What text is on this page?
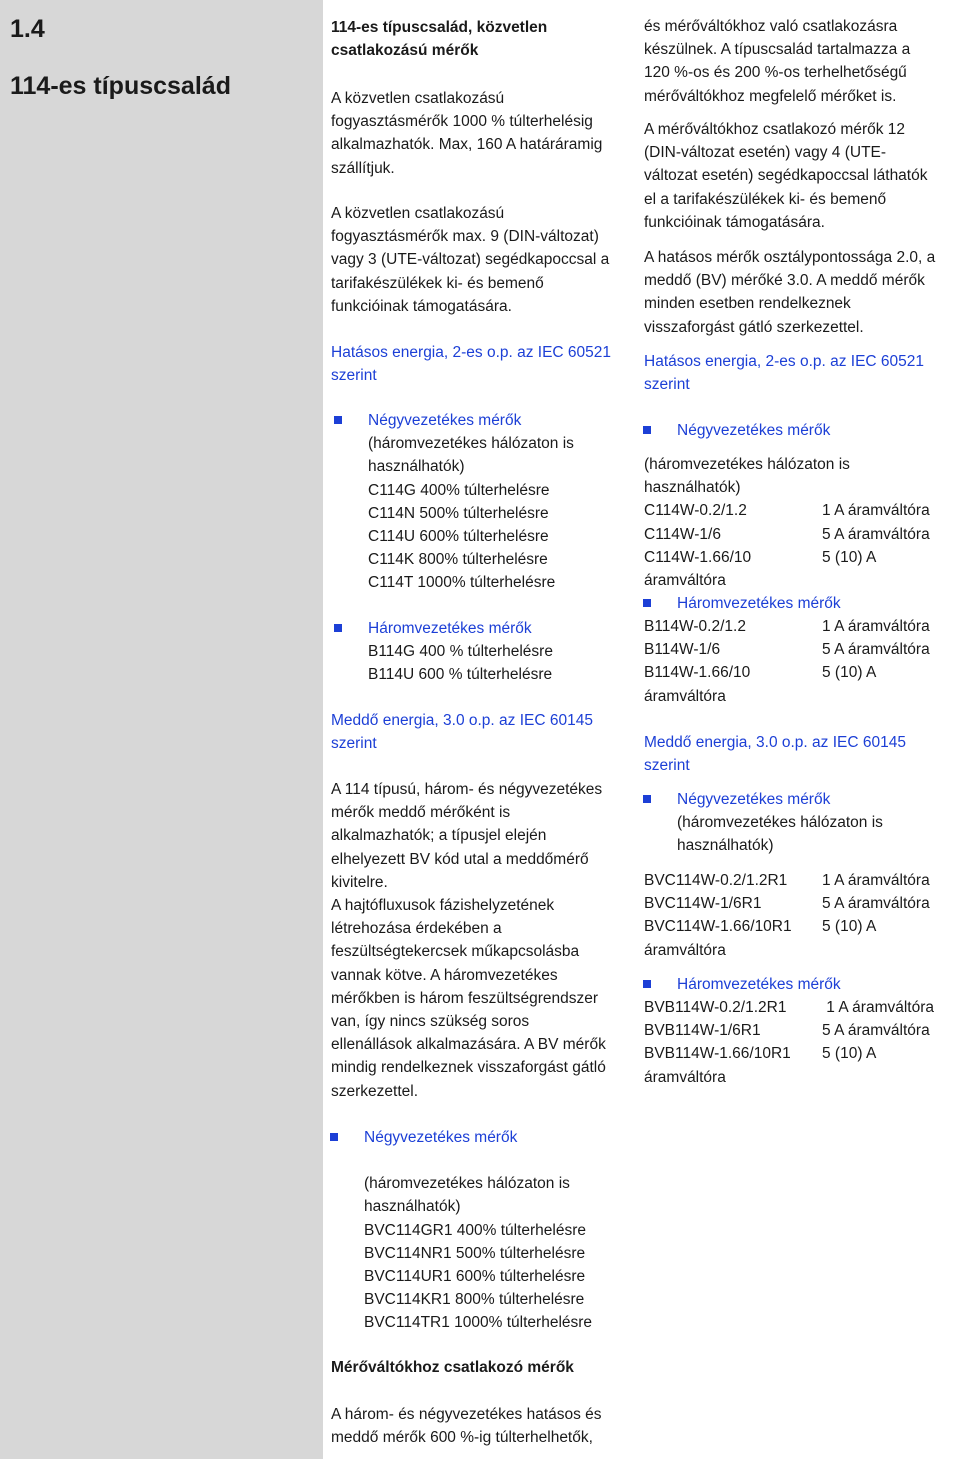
1.4
114-es típuscsalád
114-es típuscsalád, közvetlen
csatlakozású mérők
A közvetlen csatlakozású
fogyasztásmérők 1000 % túlterhelésig
alkalmazhatók. Max, 160 A határáramig
szállítjuk.
A közvetlen csatlakozású
fogyasztásmérők max. 9 (DIN-változat)
vagy 3 (UTE-változat) segédkapoccsal a
tarifakészülékek ki- és bemenő
funkcióinak támogatására.
Hatásos energia, 2-es o.p. az IEC 60521
szerint
Négyvezetékes mérők
(háromvezetékes hálózaton is
használhatók)
C114G 400% túlterhelésre
C114N 500% túlterhelésre
C114U 600% túlterhelésre
C114K 800% túlterhelésre
C114T 1000% túlterhelésre
Háromvezetékes mérők
B114G 400 % túlterhelésre
B114U 600 % túlterhelésre
Meddő energia, 3.0 o.p. az IEC 60145
szerint
A 114 típusú, három- és négyvezetékes
mérők meddő mérőként is
alkalmazhatók; a típusjel elején
elhelyezett BV kód utal a meddőmérő
kivitelre.
A hajtófluxusok fázishelyzetének
létrehozása érdekében a
feszültségtekercsek műkapcsolásba
vannak kötve. A háromvezetékes
mérőkben is három feszültségrendszer
van, így nincs szükség soros
ellenállások alkalmazására. A BV mérők
mindig rendelkeznek visszaforgást gátló
szerkezettel.
Négyvezetékes mérők
(háromvezetékes hálózaton is
használhatók)
BVC114GR1 400% túlterhelésre
BVC114NR1 500% túlterhelésre
BVC114UR1 600% túlterhelésre
BVC114KR1 800% túlterhelésre
BVC114TR1 1000% túlterhelésre
Mérőváltókhoz csatlakozó mérők
A három- és négyvezetékes hatásos és
meddő mérők 600 %-ig túlterhelhetők,
és mérőváltókhoz való csatlakozásra
készülnek. A típuscsalád tartalmazza a
120 %-os és 200 %-os terhelhetőségű
mérőváltókhoz megfelelő mérőket is.
A mérőváltókhoz csatlakozó mérők 12
(DIN-változat esetén) vagy 4 (UTE-
változat esetén) segédkapoccsal láthatók
el a tarifakészülékek ki- és bemenő
funkcióinak támogatására.
A hatásos mérők osztálypontossága 2.0, a
meddő (BV) mérőké 3.0. A meddő mérők
minden esetben rendelkeznek
visszaforgást gátló szerkezettel.
Hatásos energia, 2-es o.p. az IEC 60521
szerint
Négyvezetékes mérők
(háromvezetékes hálózaton is
használhatók)
C114W-0.2/1.2	1 A áramváltóra
C114W-1/6	5 A áramváltóra
C114W-1.66/10	5 (10) A
áramváltóra
Háromvezetékes mérők
B114W-0.2/1.2	1 A áramváltóra
B114W-1/6	5 A áramváltóra
B114W-1.66/10	5 (10) A
áramváltóra
Meddő energia, 3.0 o.p. az IEC 60145
szerint
Négyvezetékes mérők
(háromvezetékes hálózaton is
használhatók)
BVC114W-0.2/1.2R1	1 A áramváltóra
BVC114W-1/6R1	5 A áramváltóra
BVC114W-1.66/10R1	5 (10) A
áramváltóra
Háromvezetékes mérők
BVB114W-0.2/1.2R1	1 A áramváltóra
BVB114W-1/6R1	5 A áramváltóra
BVB114W-1.66/10R1	5 (10) A
áramváltóra
